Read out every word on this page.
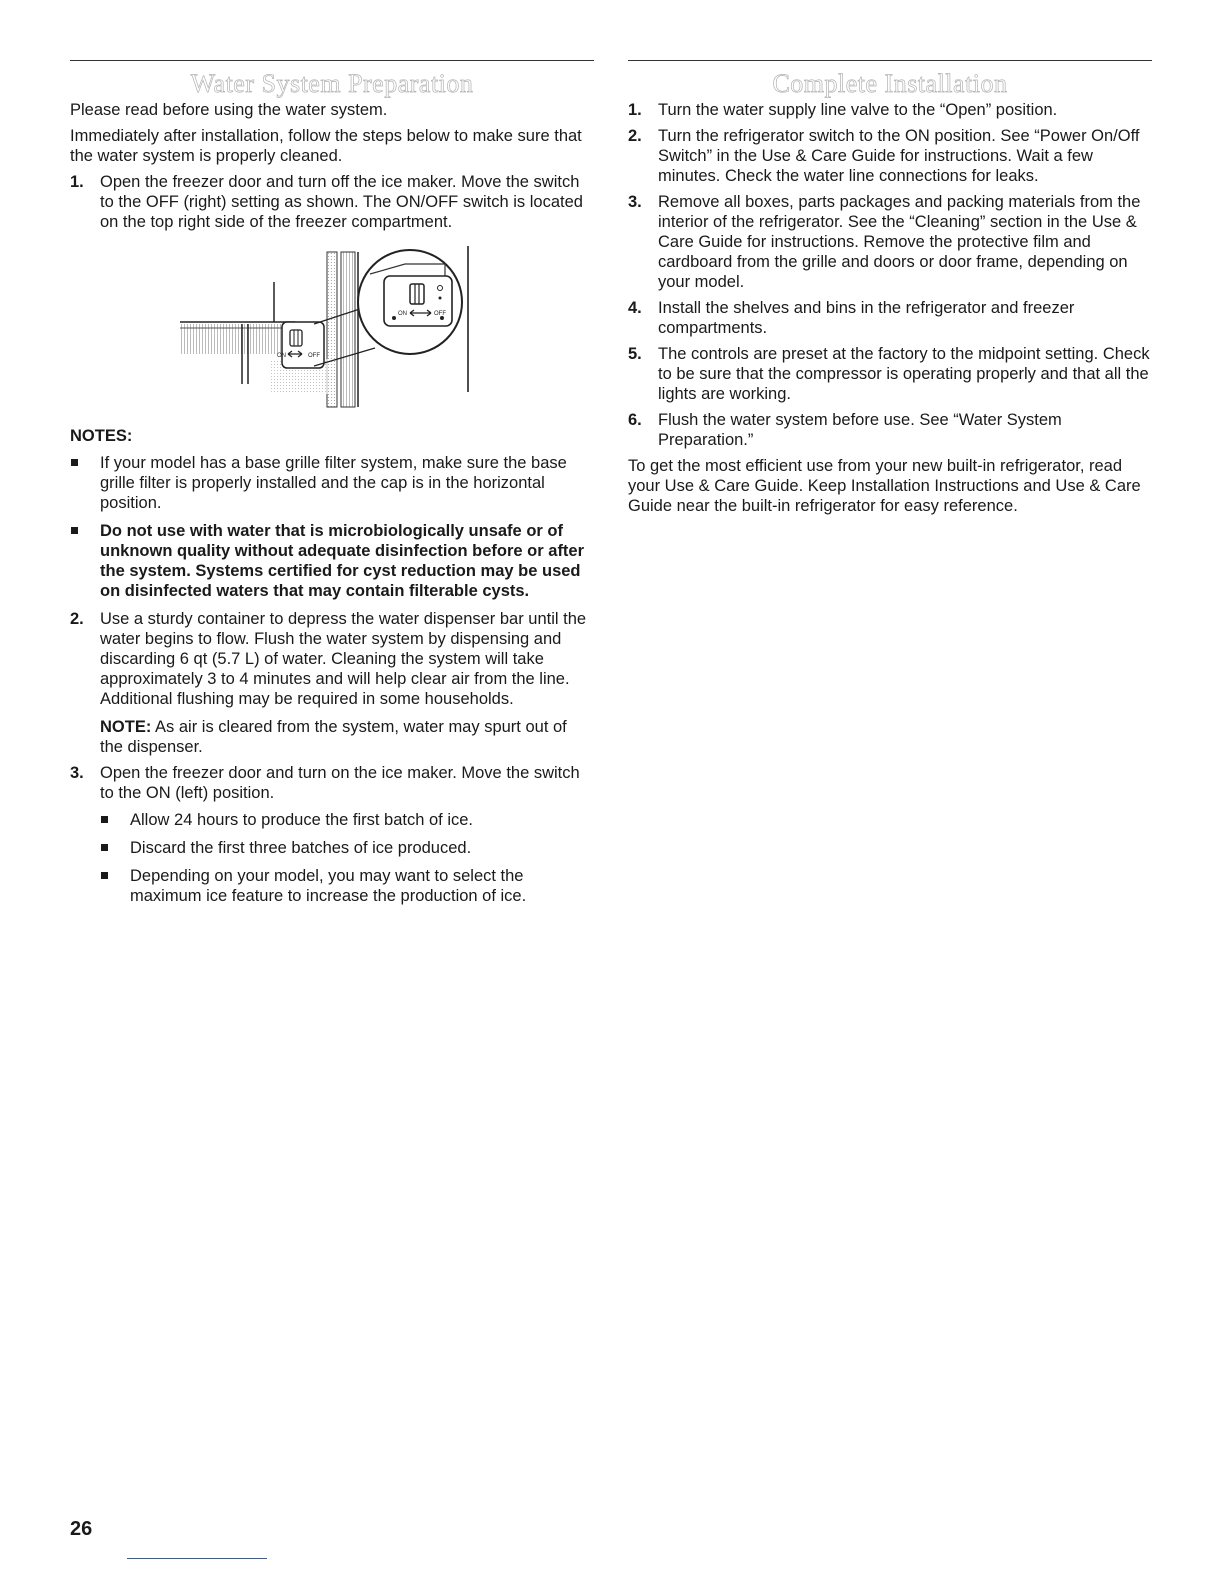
Water System Preparation

Please read before using the water system.

Immediately after installation, follow the steps below to make sure that the water system is properly cleaned.

1. Open the freezer door and turn off the ice maker. Move the switch to the OFF (right) setting as shown. The ON/OFF switch is located on the top right side of the freezer compartment.
ON	OFF
ON	OFF
NOTES:
If your model has a base grille filter system, make sure the base grille filter is properly installed and the cap is in the horizontal position.
Do not use with water that is microbiologically unsafe or of unknown quality without adequate disinfection before or after the system. Systems certified for cyst reduction may be used on disinfected waters that may contain filterable cysts.
2. Use a sturdy container to depress the water dispenser bar until the water begins to flow. Flush the water system by dispensing and discarding 6 qt (5.7 L) of water. Cleaning the system will take approximately 3 to 4 minutes and will help clear air from the line. Additional flushing may be required in some households.

NOTE: As air is cleared from the system, water may spurt out of the dispenser.

3. Open the freezer door and turn on the ice maker. Move the switch to the ON (left) position.

Allow 24 hours to produce the first batch of ice.
Discard the first three batches of ice produced.
Depending on your model, you may want to select the maximum ice feature to increase the production of ice.
Complete Installation
1. Turn the water supply line valve to the “Open” position.
2. Turn the refrigerator switch to the ON position. See “Power On/Off Switch” in the Use & Care Guide for instructions. Wait a few minutes. Check the water line connections for leaks.
3. Remove all boxes, parts packages and packing materials from the interior of the refrigerator. See the “Cleaning” section in the Use & Care Guide for instructions. Remove the protective film and cardboard from the grille and doors or door frame, depending on your model.
4. Install the shelves and bins in the refrigerator and freezer compartments.
5. The controls are preset at the factory to the midpoint setting. Check to be sure that the compressor is operating properly and that all the lights are working.
6. Flush the water system before use. See “Water System Preparation.”

To get the most efficient use from your new built-in refrigerator, read your Use & Care Guide. Keep Installation Instructions and Use & Care Guide near the built-in refrigerator for easy reference.

26
